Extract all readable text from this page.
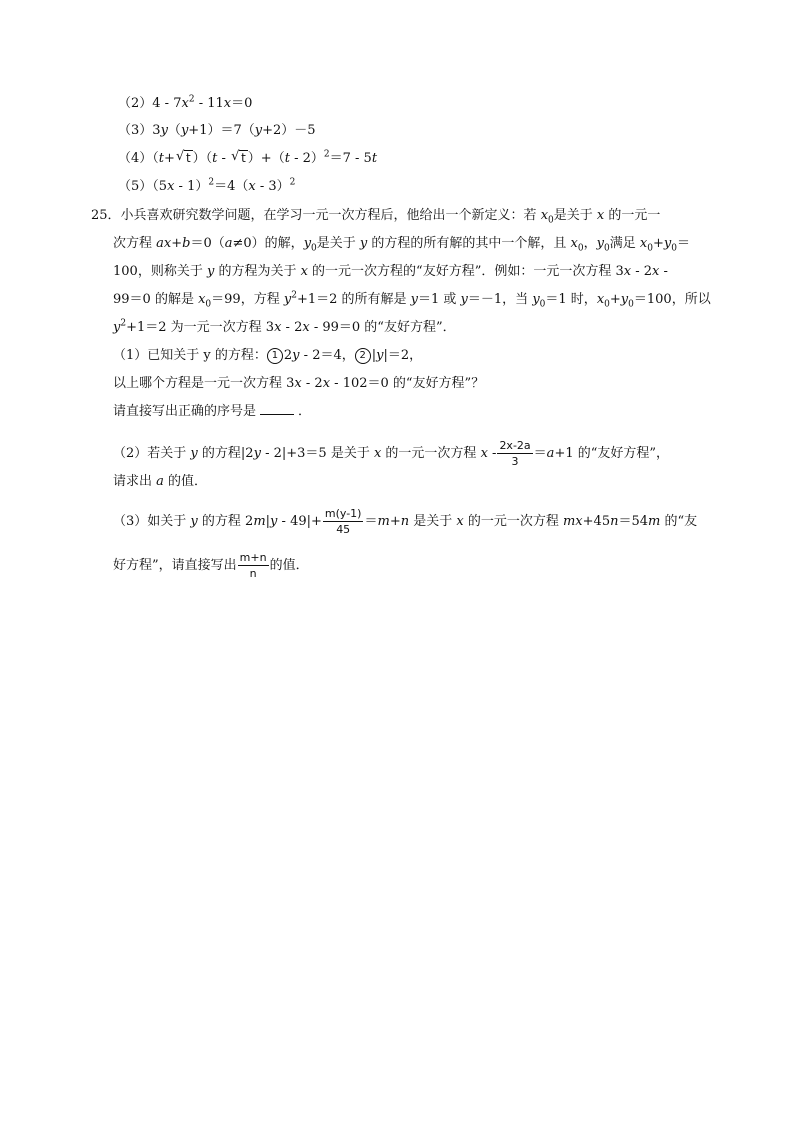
$(2)4 - 7x^2 - 11x=0$
（3）3y（y+1）＝7（y+2）－5
（4）（t+ √ t ）（t - √ t ）+（t - 2）$^2$＝7 - 5t
（5）（5x - 1）$^2$＝4（x - 3）$^2$
25．小兵喜欢研究数学问题，在学习一元一次方程后，他给出一个新定义：若 $x_0$是关于 x 的一元一
次方程 ax+b＝0（a≠0）的解，$y_0$是关于 y 的方程的所有解的其中一个解，且 $x_0$，$y_0$满足 $x_0+y_0=$
100，则称关于 y 的方程为关于 x 的一元一次方程的“友好方程”．例如：一元一次方程 3x - 2x -
99＝0 的解是 $x_0=99$，方程 $y^2+1=2$ 的所有解是 y＝1 或 y＝－1，当 $y_0=1$ 时，$x_0+y_0=100$，所以
$y^2+1=2$ 为一元一次方程 3x - 2x - 99＝0 的“友好方程”．
（1）已知关于 y 的方程： 1 2y - 2＝4， 2 |y|＝2，
以上哪个方程是一元一次方程 3x - 2x - 102＝0 的“友好方程”？
请直接写出正确的序号是	．
（2）若关于 y 的方程|2y - 2|+3＝5 是关于 x 的一元一次方程 $x - \frac{2x-2a}{3} =a+1$ 的“友好方程”，
请求出 a 的值．
（3）如关于 y 的方程 $2m|y - 49|+ \frac{m(y-1)}{45} =m+n$ 是关于 x 的一元一次方程 mx+45n＝54m 的“友
好方程”，请直接写出 $\frac{m+n}{n}$ 的值．
